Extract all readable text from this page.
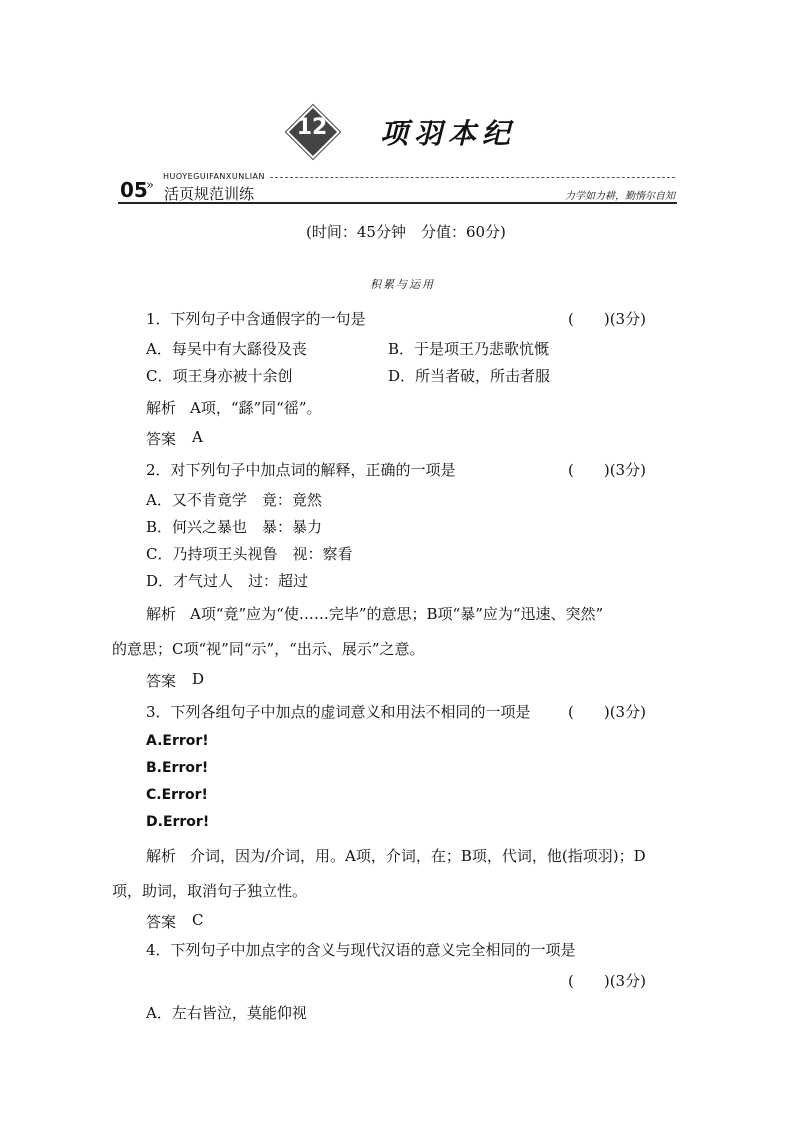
12 项羽本纪
05
»
HUOYEGUIFANXUNLIAN
活页规范训练	力学如力耕，勤惰尔自知
(时间：45分钟　分值：60分)
积累与运用
1．下列句子中含通假字的一句是	(　　)(3分)
A．每吴中有大繇役及丧	B．于是项王乃悲歌忼慨
C．项王身亦被十余创	D．所当者破，所击者服
解析 A项，“繇”同“徭”。
答案 A
2．对下列句子中加点词的解释，正确的一项是	(　　)(3分)
A．又不肯竟学　竟：竟然
B．何兴之暴也　暴：暴力
C．乃持项王头视鲁　视：察看
D．才气过人　过：超过
解析 A项“竟”应为“使……完毕”的意思；B项“暴”应为“迅速、突然”
的意思；C项“视”同“示”，“出示、展示”之意。
答案 D
3．下列各组句子中加点的虚词意义和用法不相同的一项是 (　　)(3分)
A.Error!
B.Error!
C.Error!
D.Error!
解析 介词，因为/介词，用。A项，介词，在；B项，代词，他(指项羽)；D
项，助词，取消句子独立性。
答案 C
4．下列句子中加点字的含义与现代汉语的意义完全相同的一项是
(　　)(3分)
A．左右皆泣，莫能仰视
